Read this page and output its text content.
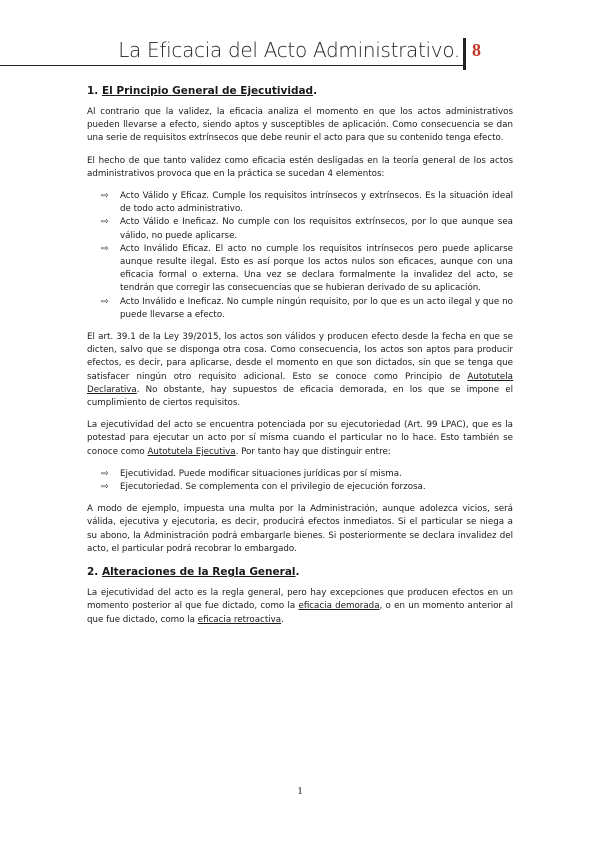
La Eficacia del Acto Administrativo. 8
1. El Principio General de Ejecutividad.

Al contrario que la validez, la eficacia analiza el momento en que los actos administrativos pueden llevarse a efecto, siendo aptos y susceptibles de aplicación. Como consecuencia se dan una serie de requisitos extrínsecos que debe reunir el acto para que su contenido tenga efecto.

El hecho de que tanto validez como eficacia estén desligadas en la teoría general de los actos administrativos provoca que en la práctica se sucedan 4 elementos:

⇨ Acto Válido y Eficaz. Cumple los requisitos intrínsecos y extrínsecos. Es la situación ideal de todo acto administrativo.
⇨ Acto Válido e Ineficaz. No cumple con los requisitos extrínsecos, por lo que aunque sea válido, no puede aplicarse.
⇨ Acto Inválido Eficaz. El acto no cumple los requisitos intrínsecos pero puede aplicarse aunque resulte ilegal. Esto es así porque los actos nulos son eficaces, aunque con una eficacia formal o externa. Una vez se declara formalmente la invalidez del acto, se tendrán que corregir las consecuencias que se hubieran derivado de su aplicación.
⇨ Acto Inválido e Ineficaz. No cumple ningún requisito, por lo que es un acto ilegal y que no puede llevarse a efecto.

El art. 39.1 de la Ley 39/2015, los actos son válidos y producen efecto desde la fecha en que se dicten, salvo que se disponga otra cosa. Como consecuencia, los actos son aptos para producir efectos, es decir, para aplicarse, desde el momento en que son dictados, sin que se tenga que satisfacer ningún otro requisito adicional. Esto se conoce como Principio de Autotutela Declarativa. No obstante, hay supuestos de eficacia demorada, en los que se impone el cumplimiento de ciertos requisitos.

La ejecutividad del acto se encuentra potenciada por su ejecutoriedad (Art. 99 LPAC), que es la potestad para ejecutar un acto por sí misma cuando el particular no lo hace. Esto también se conoce como Autotutela Ejecutiva. Por tanto hay que distinguir entre:

⇨ Ejecutividad. Puede modificar situaciones jurídicas por sí misma.
⇨ Ejecutoriedad. Se complementa con el privilegio de ejecución forzosa.

A modo de ejemplo, impuesta una multa por la Administración, aunque adolezca vicios, será válida, ejecutiva y ejecutoria, es decir, producirá efectos inmediatos. Si el particular se niega a su abono, la Administración podrá embargarle bienes. Si posteriormente se declara invalidez del acto, el particular podrá recobrar lo embargado.

2. Alteraciones de la Regla General.

La ejecutividad del acto es la regla general, pero hay excepciones que producen efectos en un momento posterior al que fue dictado, como la eficacia demorada, o en un momento anterior al que fue dictado, como la eficacia retroactiva.

1
